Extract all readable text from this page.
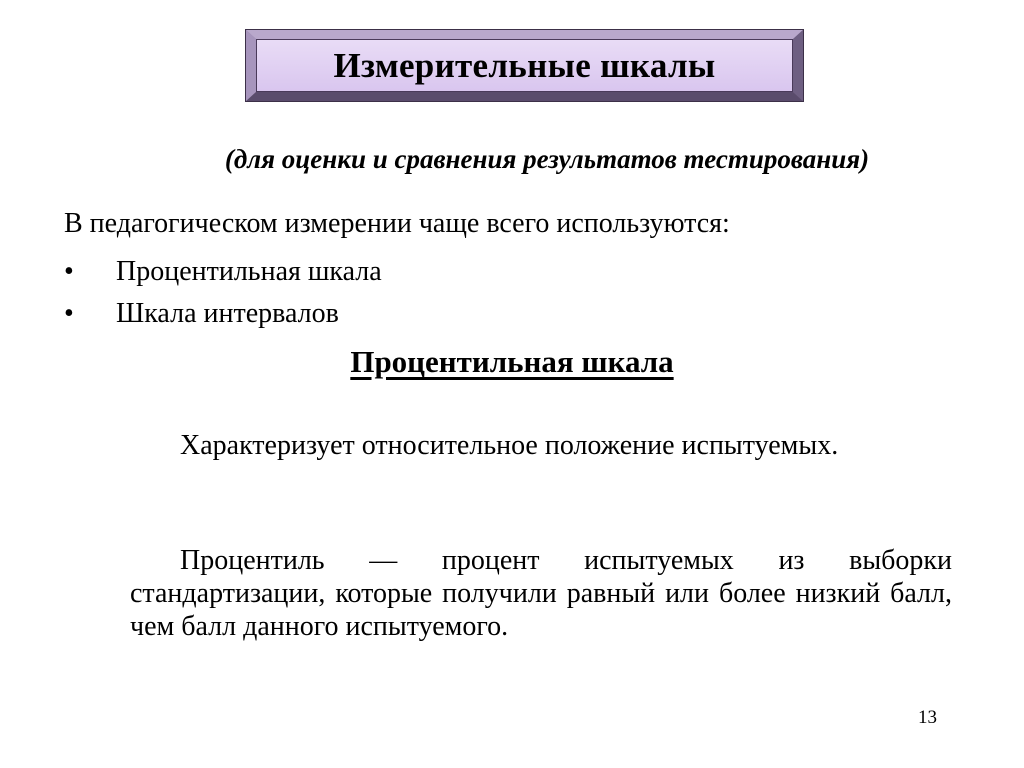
Измерительные шкалы
(для оценки и сравнения результатов тестирования)
В педагогическом измерении чаще всего используются:
•	Процентильная шкала
•	Шкала интервалов
Процентильная шкала

Характеризует относительное положение испытуемых.

Процентиль — процент испытуемых из выборки стандартизации, которые получили равный или более низкий балл, чем балл данного испытуемого.

13
